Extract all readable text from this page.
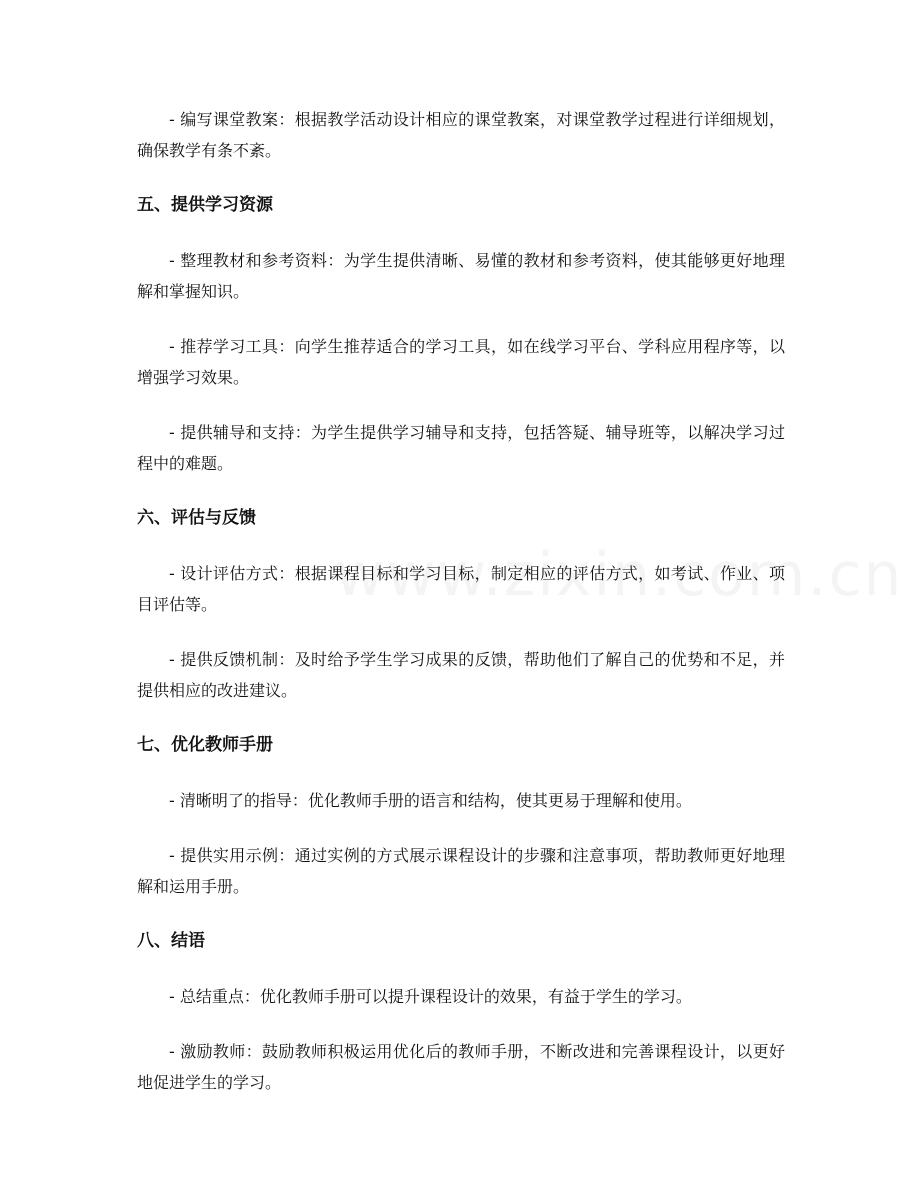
- 编写课堂教案：根据教学活动设计相应的课堂教案，对课堂教学过程进行详细规划，确保教学有条不紊。

五、提供学习资源

- 整理教材和参考资料：为学生提供清晰、易懂的教材和参考资料，使其能够更好地理解和掌握知识。

- 推荐学习工具：向学生推荐适合的学习工具，如在线学习平台、学科应用程序等，以增强学习效果。

- 提供辅导和支持：为学生提供学习辅导和支持，包括答疑、辅导班等，以解决学习过程中的难题。

六、评估与反馈

- 设计评估方式：根据课程目标和学习目标，制定相应的评估方式，如考试、作业、项目评估等。

- 提供反馈机制：及时给予学生学习成果的反馈，帮助他们了解自己的优势和不足，并提供相应的改进建议。

七、优化教师手册

- 清晰明了的指导：优化教师手册的语言和结构，使其更易于理解和使用。

- 提供实用示例：通过实例的方式展示课程设计的步骤和注意事项，帮助教师更好地理解和运用手册。

八、结语

- 总结重点：优化教师手册可以提升课程设计的效果，有益于学生的学习。

- 激励教师：鼓励教师积极运用优化后的教师手册，不断改进和完善课程设计，以更好地促进学生的学习。
